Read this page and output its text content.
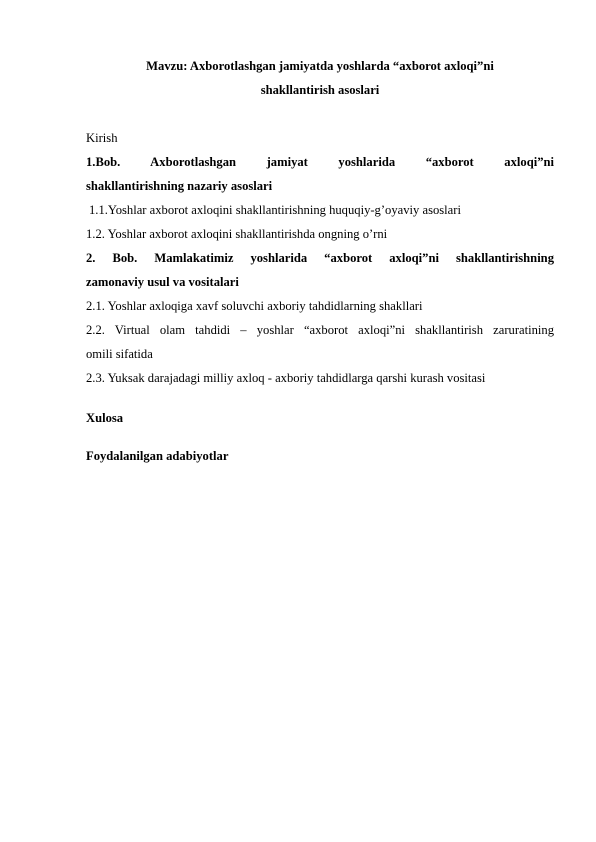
Mavzu: Axborotlashgan jamiyatda yoshlarda “axborot axloqi”ni
shakllantirish asoslari

Kirish

1.Bob. Axborotlashgan jamiyat yoshlarida “axborot axloqi”ni

shakllantirishning nazariy asoslari

1.1.Yoshlar axborot axloqini shakllantirishning huquqiy-g’oyaviy asoslari

1.2. Yoshlar axborot axloqini shakllantirishda ongning o’rni

2. Bob. Mamlakatimiz yoshlarida “axborot axloqi”ni shakllantirishning

zamonaviy usul va vositalari

2.1. Yoshlar axloqiga xavf soluvchi axboriy tahdidlarning shakllari

2.2. Virtual olam tahdidi – yoshlar “axborot axloqi”ni shakllantirish zaruratining

omili sifatida

2.3. Yuksak darajadagi milliy axloq - axboriy tahdidlarga qarshi kurash vositasi

Xulosa

Foydalanilgan adabiyotlar
